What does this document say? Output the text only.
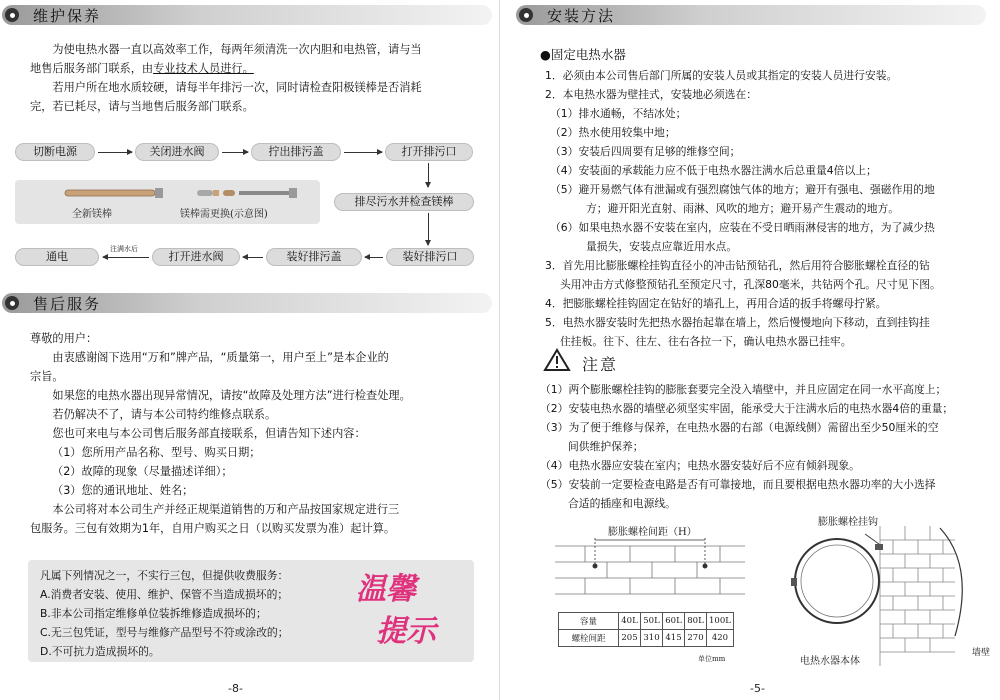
维护保养
为使电热水器一直以高效率工作，每两年须清洗一次内胆和电热管，请与当
地售后服务部门联系，由专业技术人员进行。
若用户所在地水质较硬，请每半年排污一次，同时请检查阳极镁棒是否消耗
完，若已耗尽，请与当地售后服务部门联系。
切断电源	关闭进水阀	拧出排污盖	打开排污口
全新镁棒	镁棒需更换(示意图)
排尽污水并检查镁棒
通电
注满水后
打开进水阀	装好排污盖	装好排污口
售后服务
尊敬的用户：
由衷感谢阁下选用“万和”牌产品，“质量第一，用户至上”是本企业的
宗旨。
如果您的电热水器出现异常情况，请按“故障及处理方法”进行检查处理。
若仍解决不了，请与本公司特约维修点联系。
您也可来电与本公司售后服务部直接联系，但请告知下述内容：
（1）您所用产品名称、型号、购买日期；
（2）故障的现象（尽量描述详细）；
（3）您的通讯地址、姓名；
本公司将对本公司生产并经正规渠道销售的万和产品按国家规定进行三
包服务。三包有效期为1年，自用户购买之日（以购买发票为准）起计算。
凡属下列情况之一，不实行三包，但提供收费服务：
A.消费者安装、使用、维护、保管不当造成损坏的；
B.非本公司指定维修单位装拆维修造成损坏的；
C.无三包凭证，型号与维修产品型号不符或涂改的；
D.不可抗力造成损坏的。
温馨
提示
-8-
安装方法
●固定电热水器
1．必须由本公司售后部门所属的安装人员或其指定的安装人员进行安装。
2．本电热水器为壁挂式，安装地必须选在：
（1）排水通畅，不结冰处；
（2）热水使用较集中地；
（3）安装后四周要有足够的维修空间；
（4）安装面的承载能力应不低于电热水器注满水后总重量4倍以上；
（5）避开易燃气体有泄漏或有强烈腐蚀气体的地方；避开有强电、强磁作用的地
方；避开阳光直射、雨淋、风吹的地方；避开易产生震动的地方。
（6）如果电热水器不安装在室内，应装在不受日晒雨淋侵害的地方，为了减少热
量损失，安装点应靠近用水点。
3．首先用比膨胀螺栓挂钩直径小的冲击钻预钻孔，然后用符合膨胀螺栓直径的钻
头用冲击方式修整预钻孔至预定尺寸，孔深80毫米，共钻两个孔。尺寸见下图。
4．把膨胀螺栓挂钩固定在钻好的墙孔上，再用合适的扳手将螺母拧紧。
5．电热水器安装时先把热水器抬起靠在墙上，然后慢慢地向下移动，直到挂钩挂
住挂板。往下、往左、往右各拉一下，确认电热水器已挂牢。
注意
（1）两个膨胀螺栓挂钩的膨胀套要完全没入墙壁中，并且应固定在同一水平高度上；
（2）安装电热水器的墙壁必须坚实牢固，能承受大于注满水后的电热水器4倍的重量；
（3）为了便于维修与保养，在电热水器的右部（电源线侧）需留出至少50厘米的空
间供维护保养；
（4）电热水器应安装在室内；电热水器安装好后不应有倾斜现象。
（5）安装前一定要检查电路是否有可靠接地，而且要根据电热水器功率的大小选择
合适的插座和电源线。
膨胀螺栓间距（H）
容量	40L	50L	60L	80L	100L
螺栓间距	205	310	415	270	420
单位mm
膨胀螺栓挂钩
电热水器本体
墙壁
-5-
